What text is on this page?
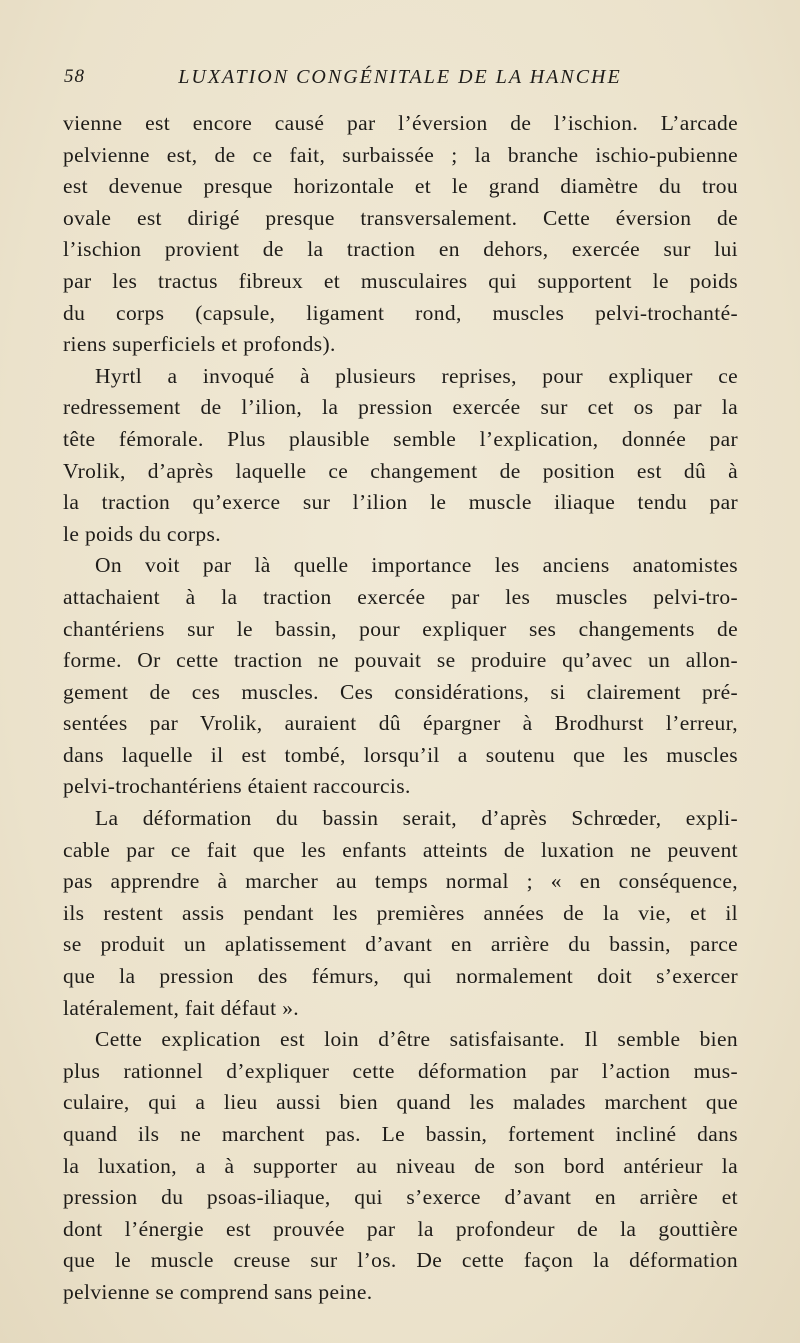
58	LUXATION CONGÉNITALE DE LA HANCHE
vienne est encore causé par l’éversion de l’ischion. L’arcade
pelvienne est, de ce fait, surbaissée ; la branche ischio-pubienne
est devenue presque horizontale et le grand diamètre du trou
ovale est dirigé presque transversalement. Cette éversion de
l’ischion provient de la traction en dehors, exercée sur lui
par les tractus fibreux et musculaires qui supportent le poids
du corps (capsule, ligament rond, muscles pelvi-trochanté-
riens superficiels et profonds).
Hyrtl a invoqué à plusieurs reprises, pour expliquer ce
redressement de l’ilion, la pression exercée sur cet os par la
tête fémorale. Plus plausible semble l’explication, donnée par
Vrolik, d’après laquelle ce changement de position est dû à
la traction qu’exerce sur l’ilion le muscle iliaque tendu par
le poids du corps.
On voit par là quelle importance les anciens anatomistes
attachaient à la traction exercée par les muscles pelvi-tro-
chantériens sur le bassin, pour expliquer ses changements de
forme. Or cette traction ne pouvait se produire qu’avec un allon-
gement de ces muscles. Ces considérations, si clairement pré-
sentées par Vrolik, auraient dû épargner à Brodhurst l’erreur,
dans laquelle il est tombé, lorsqu’il a soutenu que les muscles
pelvi-trochantériens étaient raccourcis.
La déformation du bassin serait, d’après Schrœder, expli-
cable par ce fait que les enfants atteints de luxation ne peuvent
pas apprendre à marcher au temps normal ; « en conséquence,
ils restent assis pendant les premières années de la vie, et il
se produit un aplatissement d’avant en arrière du bassin, parce
que la pression des fémurs, qui normalement doit s’exercer
latéralement, fait défaut ».
Cette explication est loin d’être satisfaisante. Il semble bien
plus rationnel d’expliquer cette déformation par l’action mus-
culaire, qui a lieu aussi bien quand les malades marchent que
quand ils ne marchent pas. Le bassin, fortement incliné dans
la luxation, a à supporter au niveau de son bord antérieur la
pression du psoas-iliaque, qui s’exerce d’avant en arrière et
dont l’énergie est prouvée par la profondeur de la gouttière
que le muscle creuse sur l’os. De cette façon la déformation
pelvienne se comprend sans peine.
